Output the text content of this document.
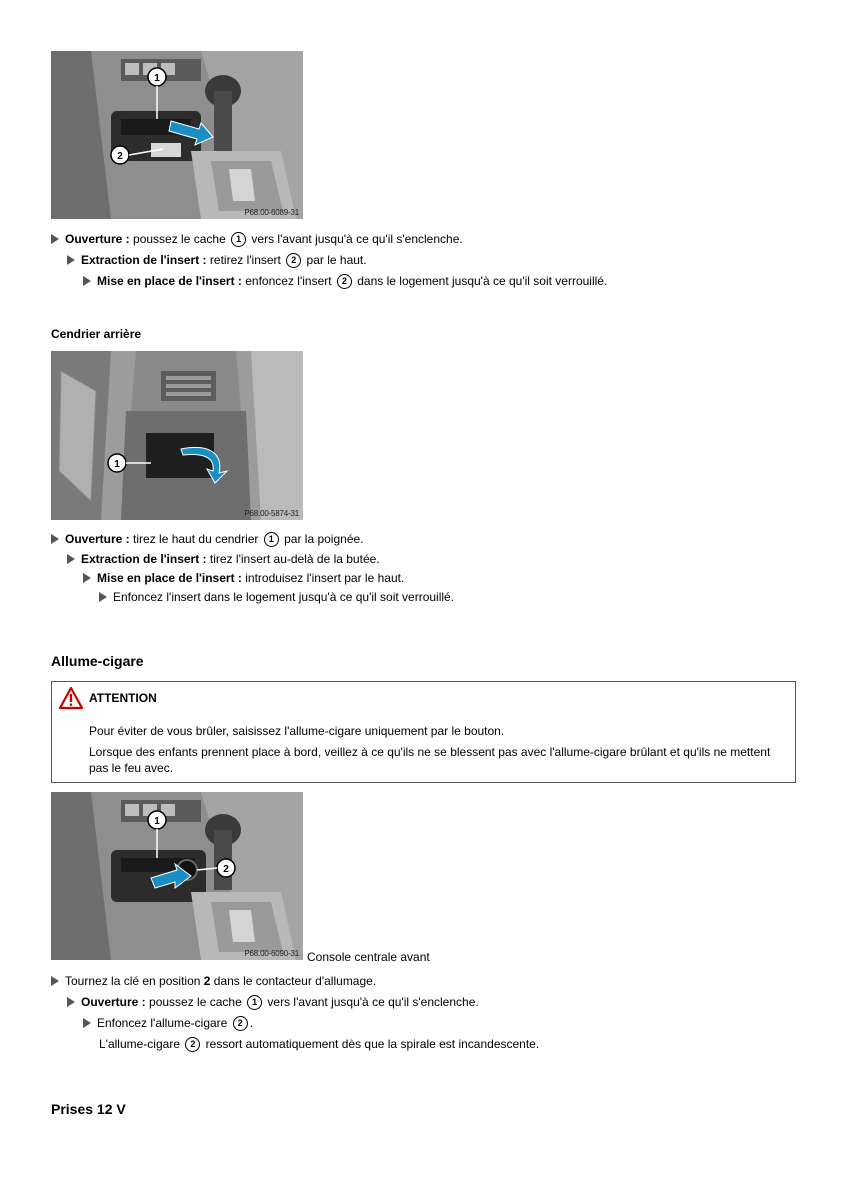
1
2
P68.00-6089-31
Ouverture : poussez le cache 1 vers l'avant jusqu'à ce qu'il s'enclenche.
Extraction de l'insert : retirez l'insert 2 par le haut.
Mise en place de l'insert : enfoncez l'insert 2 dans le logement jusqu'à ce qu'il soit verrouillé.
Cendrier arrière
1
P68.00-5874-31
Ouverture : tirez le haut du cendrier 1 par la poignée.
Extraction de l'insert : tirez l'insert au-delà de la butée.
Mise en place de l'insert : introduisez l'insert par le haut.
Enfoncez l'insert dans le logement jusqu'à ce qu'il soit verrouillé.
Allume-cigare
ATTENTION
Pour éviter de vous brûler, saisissez l'allume-cigare uniquement par le bouton.
Lorsque des enfants prennent place à bord, veillez à ce qu'ils ne se blessent pas avec l'allume-cigare brûlant et qu'ils ne mettent pas le feu avec.
1
2
P68.00-6090-31 Console centrale avant
Tournez la clé en position 2 dans le contacteur d'allumage.
Ouverture : poussez le cache 1 vers l'avant jusqu'à ce qu'il s'enclenche.
Enfoncez l'allume-cigare 2 .
L'allume-cigare 2 ressort automatiquement dès que la spirale est incandescente.
Prises 12 V
